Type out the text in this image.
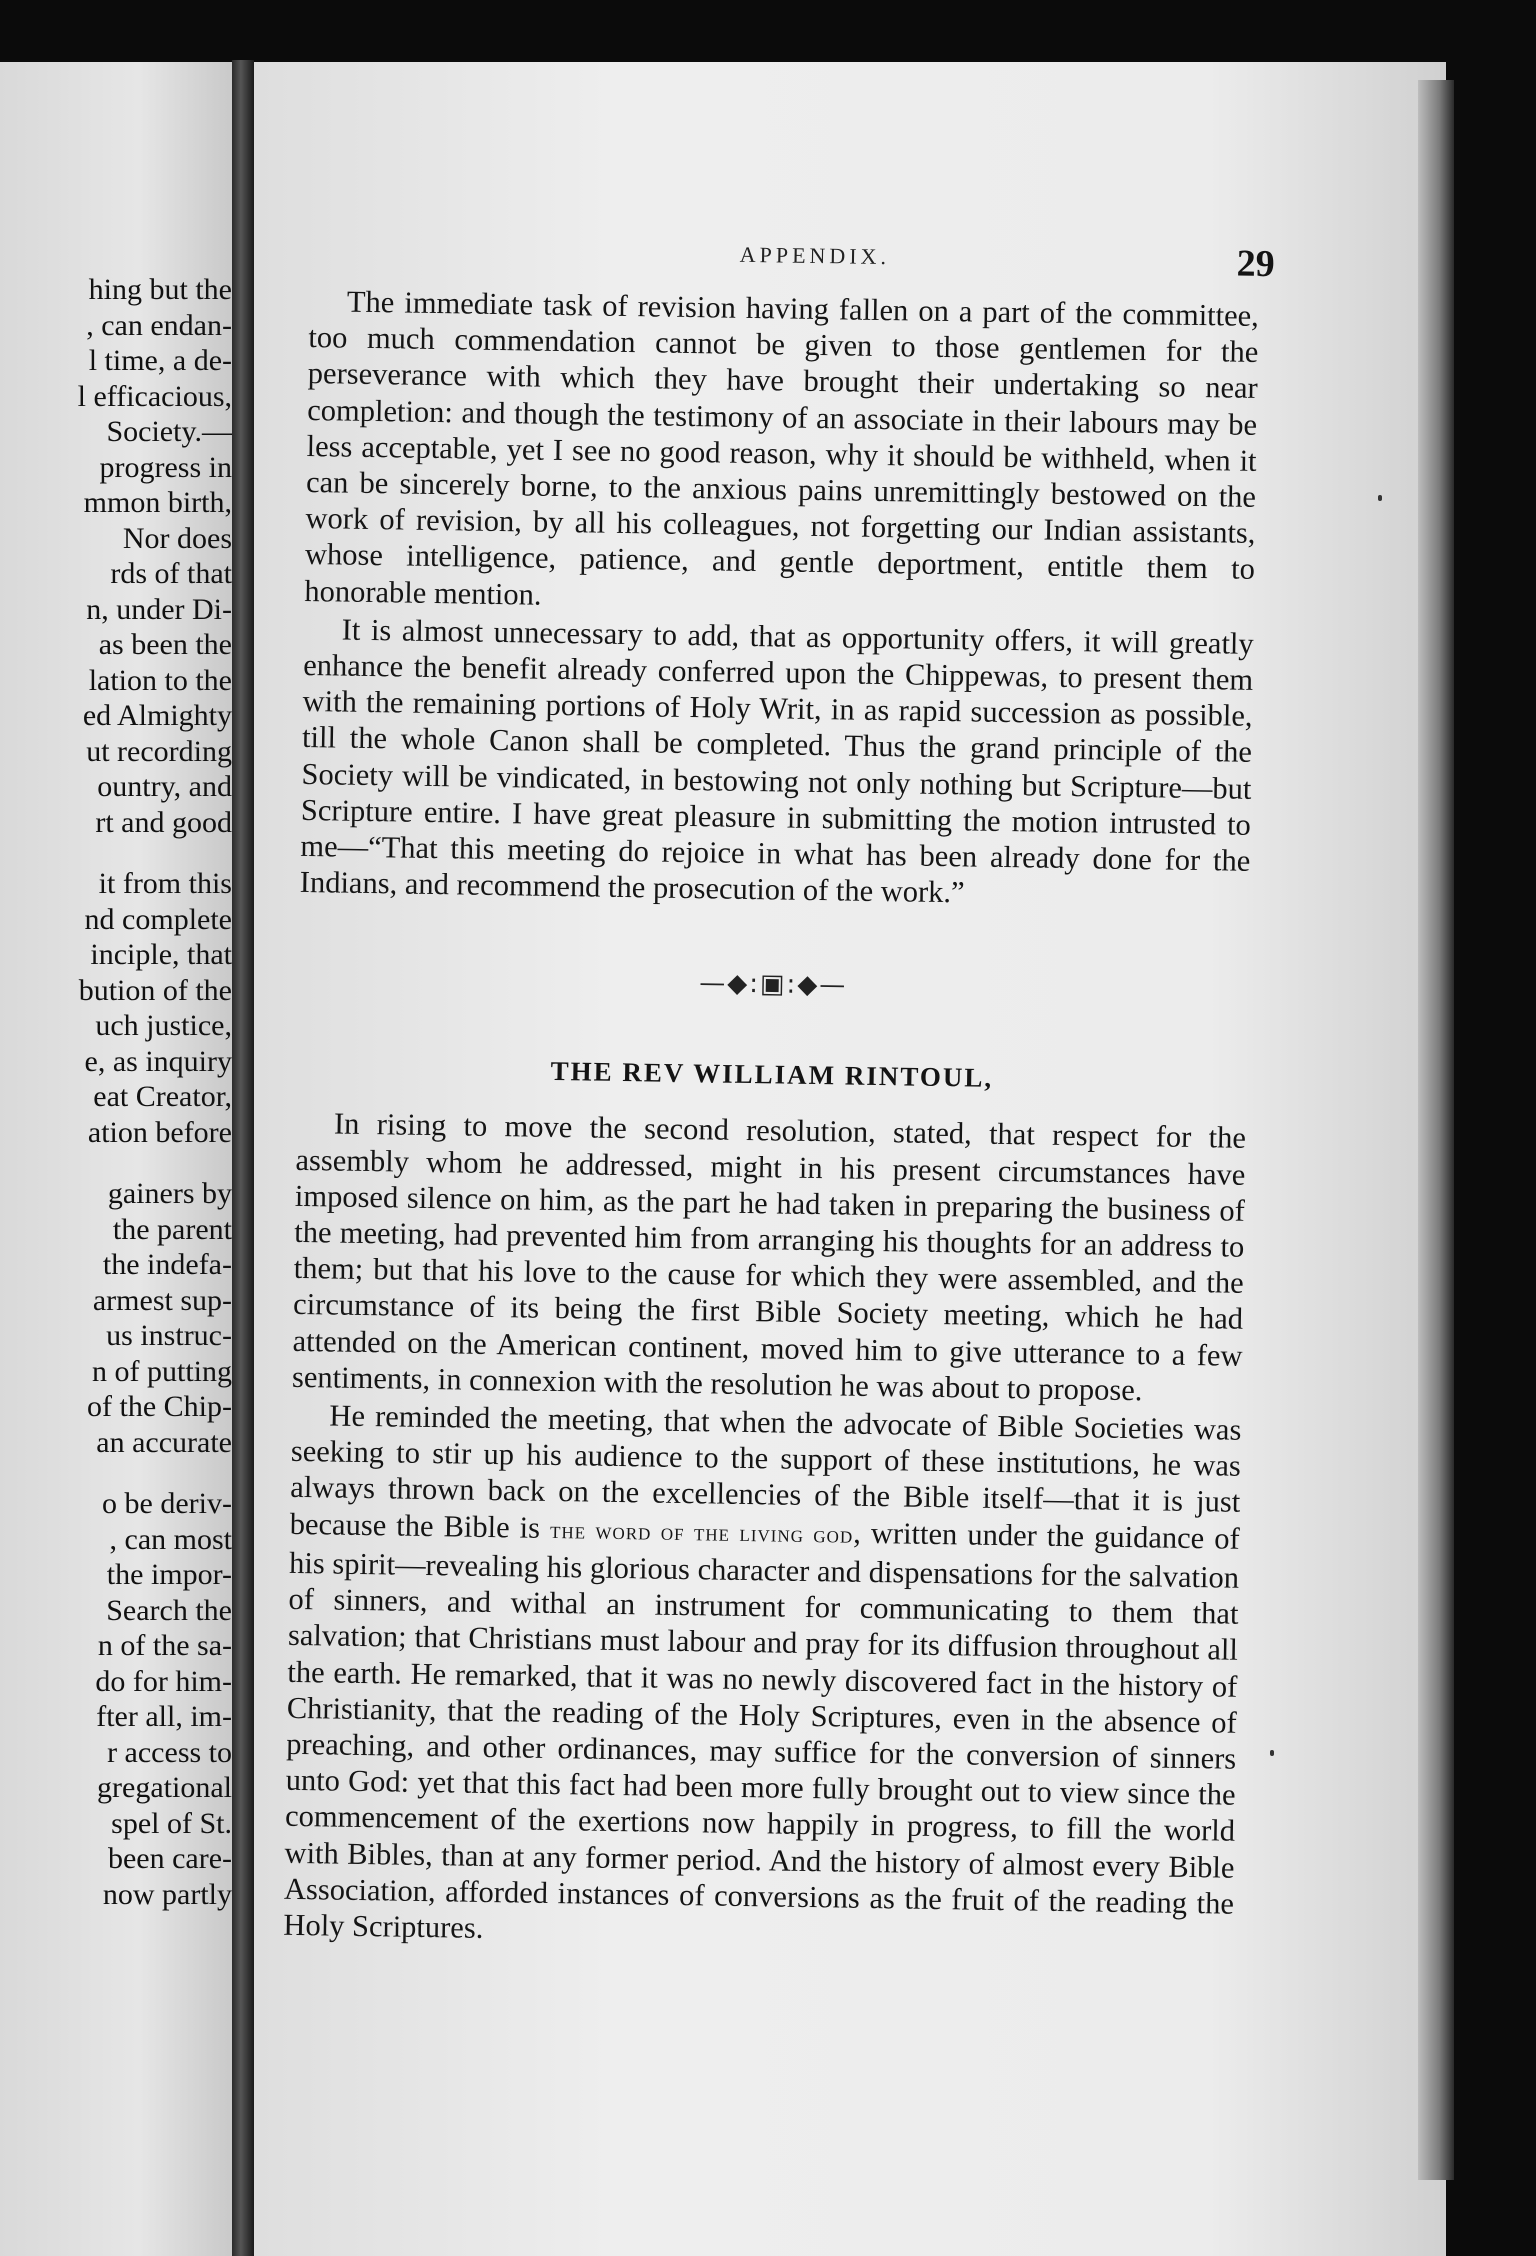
hing but the
, can endan-
l time, a de-
l efficacious,
Society.—
progress in
mmon birth,
Nor does
rds of that
n, under Di-
as been the
lation to the
ed Almighty
ut recording
ountry, and
rt and good
it from this
nd complete
inciple, that
bution of the
uch justice,
e, as inquiry
eat Creator,
ation before
gainers by
the parent
the indefa-
armest sup-
us instruc-
n of putting
of the Chip-
an accurate
o be deriv-
, can most
the impor-
Search the
n of the sa-
do for him-
fter all, im-
r access to
gregational
spel of St.
been care-
now partly
APPENDIX.	29

The immediate task of revision having fallen on a part of the committee, too much commendation cannot be given to those gentlemen for the perseverance with which they have brought their undertaking so near completion: and though the testimony of an associate in their labours may be less acceptable, yet I see no good reason, why it should be withheld, when it can be sincerely borne, to the anxious pains unremittingly bestowed on the work of revision, by all his colleagues, not forgetting our Indian assistants, whose intelligence, patience, and gentle deportment, entitle them to honorable mention.

It is almost unnecessary to add, that as opportunity offers, it will greatly enhance the benefit already conferred upon the Chippewas, to present them with the remaining portions of Holy Writ, in as rapid succession as possible, till the whole Canon shall be completed. Thus the grand principle of the Society will be vindicated, in bestowing not only nothing but Scripture—but Scripture entire. I have great pleasure in submitting the motion intrusted to me—“That this meeting do rejoice in what has been already done for the Indians, and recommend the prosecution of the work.”

—◆:▣:◆—
THE REV WILLIAM RINTOUL,

In rising to move the second resolution, stated, that respect for the assembly whom he addressed, might in his present circumstances have imposed silence on him, as the part he had taken in preparing the business of the meeting, had prevented him from arranging his thoughts for an address to them; but that his love to the cause for which they were assembled, and the circumstance of its being the first Bible Society meeting, which he had attended on the American continent, moved him to give utterance to a few sentiments, in connexion with the resolution he was about to propose.

He reminded the meeting, that when the advocate of Bible Societies was seeking to stir up his audience to the support of these institutions, he was always thrown back on the excellencies of the Bible itself—that it is just because the Bible is the word of the living god, written under the guidance of his spirit—revealing his glorious character and dispensations for the salvation of sinners, and withal an instrument for communicating to them that salvation; that Christians must labour and pray for its diffusion throughout all the earth. He remarked, that it was no newly discovered fact in the history of Christianity, that the reading of the Holy Scriptures, even in the absence of preaching, and other ordinances, may suffice for the conversion of sinners unto God: yet that this fact had been more fully brought out to view since the commencement of the exertions now happily in progress, to fill the world with Bibles, than at any former period. And the history of almost every Bible Association, afforded instances of conversions as the fruit of the reading the Holy Scriptures.
